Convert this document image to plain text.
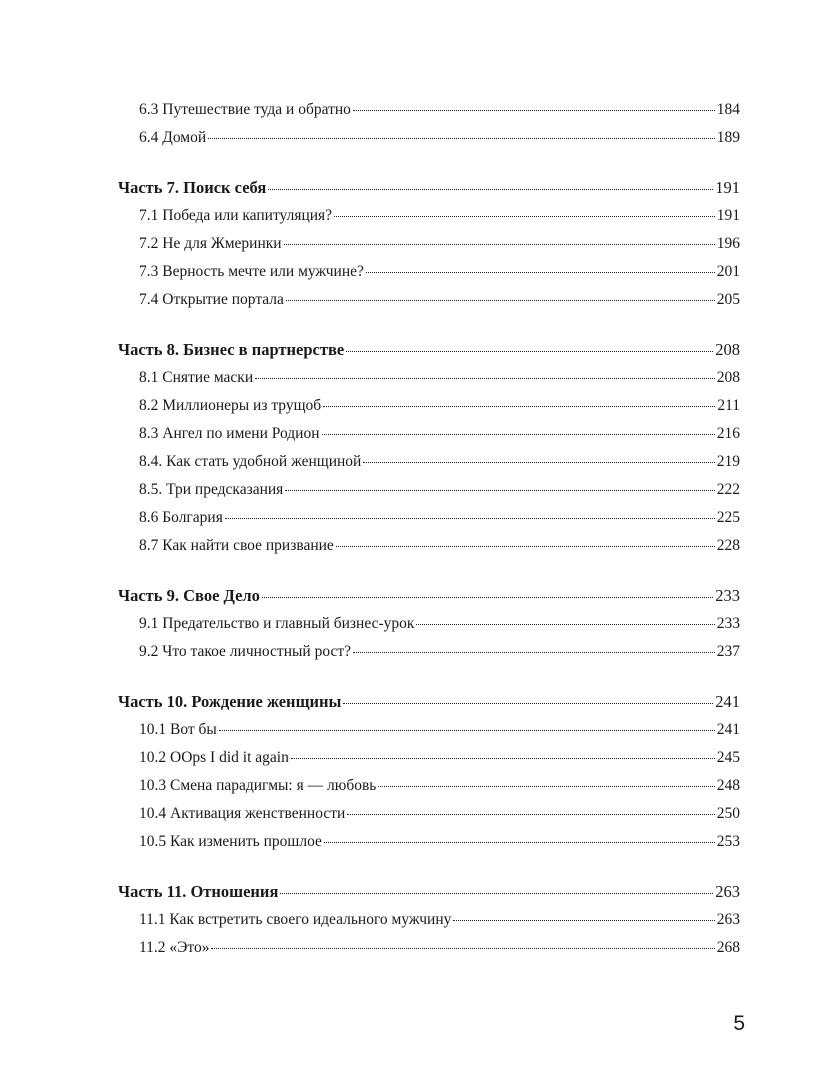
6.3 Путешествие туда и обратно	184
6.4 Домой	189
Часть 7. Поиск себя	191
7.1 Победа или капитуляция?	191
7.2 Не для Жмеринки	196
7.3 Верность мечте или мужчине?	201
7.4 Открытие портала	205
Часть 8. Бизнес в партнерстве	208
8.1 Снятие маски	208
8.2 Миллионеры из трущоб	211
8.3 Ангел по имени Родион	216
8.4. Как стать удобной женщиной	219
8.5. Три предсказания	222
8.6 Болгария	225
8.7 Как найти свое призвание	228
Часть 9. Свое Дело	233
9.1 Предательство и главный бизнес-урок	233
9.2 Что такое личностный рост?	237
Часть 10. Рождение женщины	241
10.1 Вот бы	241
10.2 OOps I did it again	245
10.3 Смена парадигмы: я — любовь	248
10.4 Активация женственности	250
10.5 Как изменить прошлое	253
Часть 11. Отношения	263
11.1 Как встретить своего идеального мужчину	263
11.2 «Это»	268
5
